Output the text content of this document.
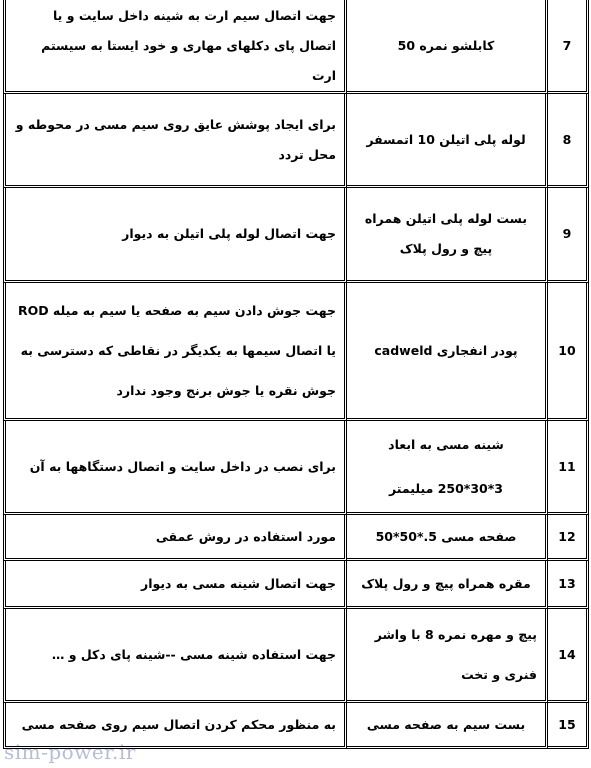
جهت اتصال سیم ارت به شینه داخل سایت و یا اتصال پای دکلهای مهاری و خود ایستا به سیستم ارت	کابلشو نمره 50	7
برای ایجاد پوشش عایق روی سیم مسی در محوطه و محل تردد	لوله پلی اتیلن 10 اتمسفر	8
جهت اتصال لوله پلی اتیلن به دیوار	بست لوله پلی اتیلن همراه پیچ و رول پلاک	9
جهت جوش دادن سیم به صفحه یا سیم به میله ROD یا اتصال سیمها به یکدیگر در نقاطی که دسترسی به جوش نقره یا جوش برنج وجود ندارد	پودر انفجاری cadweld	10
برای نصب در داخل سایت و اتصال دستگاهها به آن	شینه مسی به ابعاد 3*30*250 میلیمتر	11
مورد استفاده در روش عمقی	صفحه مسی 5.*50*50	12
جهت اتصال شینه مسی به دیوار	مقره همراه پیچ و رول پلاک	13
جهت استفاده شینه مسی --شینه پای دکل و …	پیچ و مهره نمره 8 با واشر فنری و تخت	14
به منظور محکم کردن اتصال سیم روی صفحه مسی	بست سیم به صفحه مسی	15
sim-power.ir
